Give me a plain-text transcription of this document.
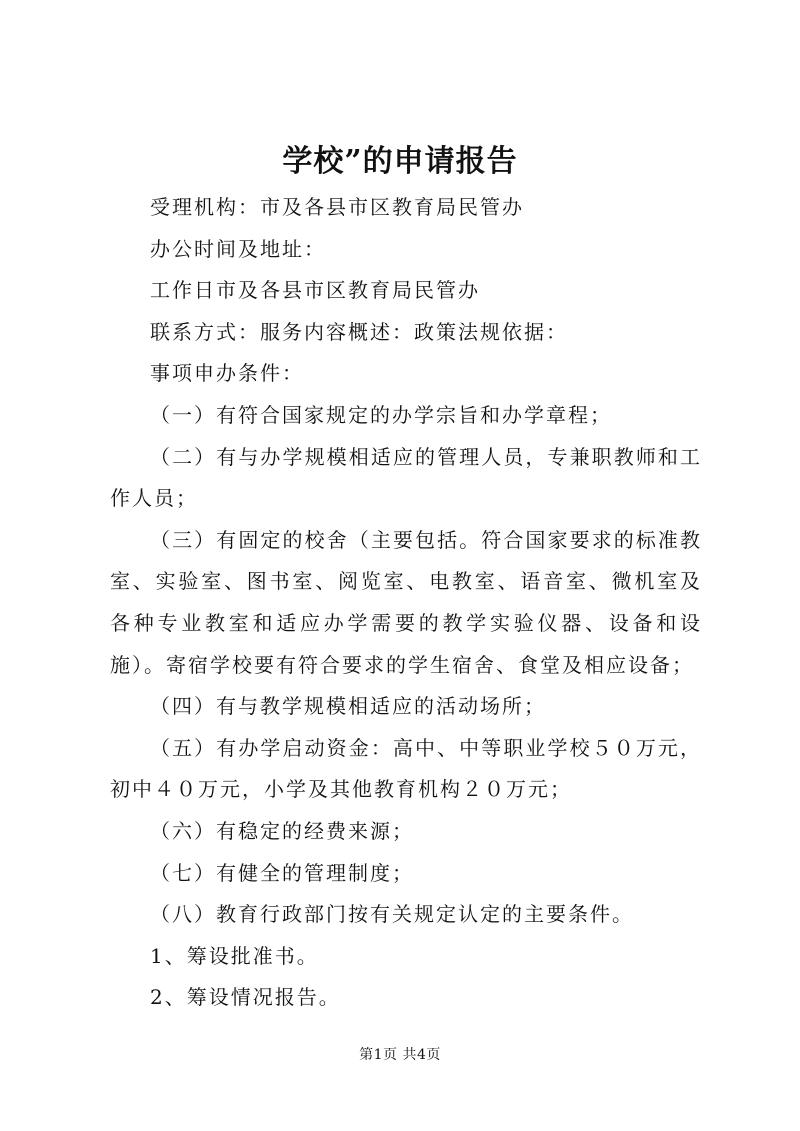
学校”的申请报告

受理机构：市及各县市区教育局民管办

办公时间及地址：

工作日市及各县市区教育局民管办

联系方式：服务内容概述：政策法规依据：

事项申办条件：

（一）有符合国家规定的办学宗旨和办学章程；

（二）有与办学规模相适应的管理人员，专兼职教师和工作人员；

（三）有固定的校舍（主要包括。符合国家要求的标准教室、实验室、图书室、阅览室、电教室、语音室、微机室及各种专业教室和适应办学需要的教学实验仪器、设备和设施）。寄宿学校要有符合要求的学生宿舍、食堂及相应设备；

（四）有与教学规模相适应的活动场所；

（五）有办学启动资金：高中、中等职业学校５０万元，初中４０万元，小学及其他教育机构２０万元；

（六）有稳定的经费来源；

（七）有健全的管理制度；

（八）教育行政部门按有关规定认定的主要条件。

1、筹设批准书。

2、筹设情况报告。

第1页 共4页
